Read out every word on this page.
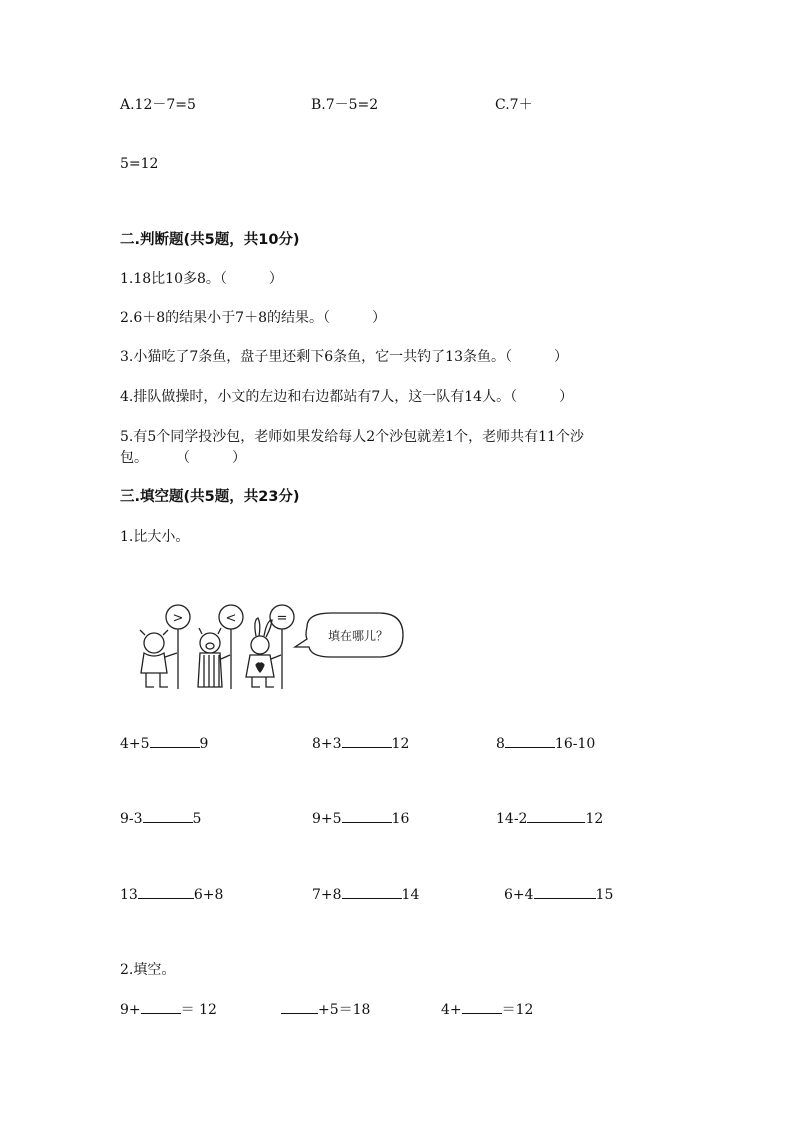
A.12－7=5	B.7－5=2	C.7＋
5=12
二.判断题(共5题，共10分)
1.18比10多8。（　　　）
2.6＋8的结果小于7＋8的结果。（　　　）
3.小猫吃了7条鱼，盘子里还剩下6条鱼，它一共钓了13条鱼。（　　　）
4.排队做操时，小文的左边和右边都站有7人，这一队有14人。（　　　）
5.有5个同学投沙包，老师如果发给每人2个沙包就差1个，老师共有11个沙
包。　　　（　　　）
三.填空题(共5题，共23分)
1.比大小。
>	<	=
填在哪儿？
4+5	9	8+3	12	8	16-10
9-3	5	9+5	16	14-2	12
13	6+8	7+8	14	6+4	15
2.填空。
9+	＝ 12	+5＝18	4+	＝12
